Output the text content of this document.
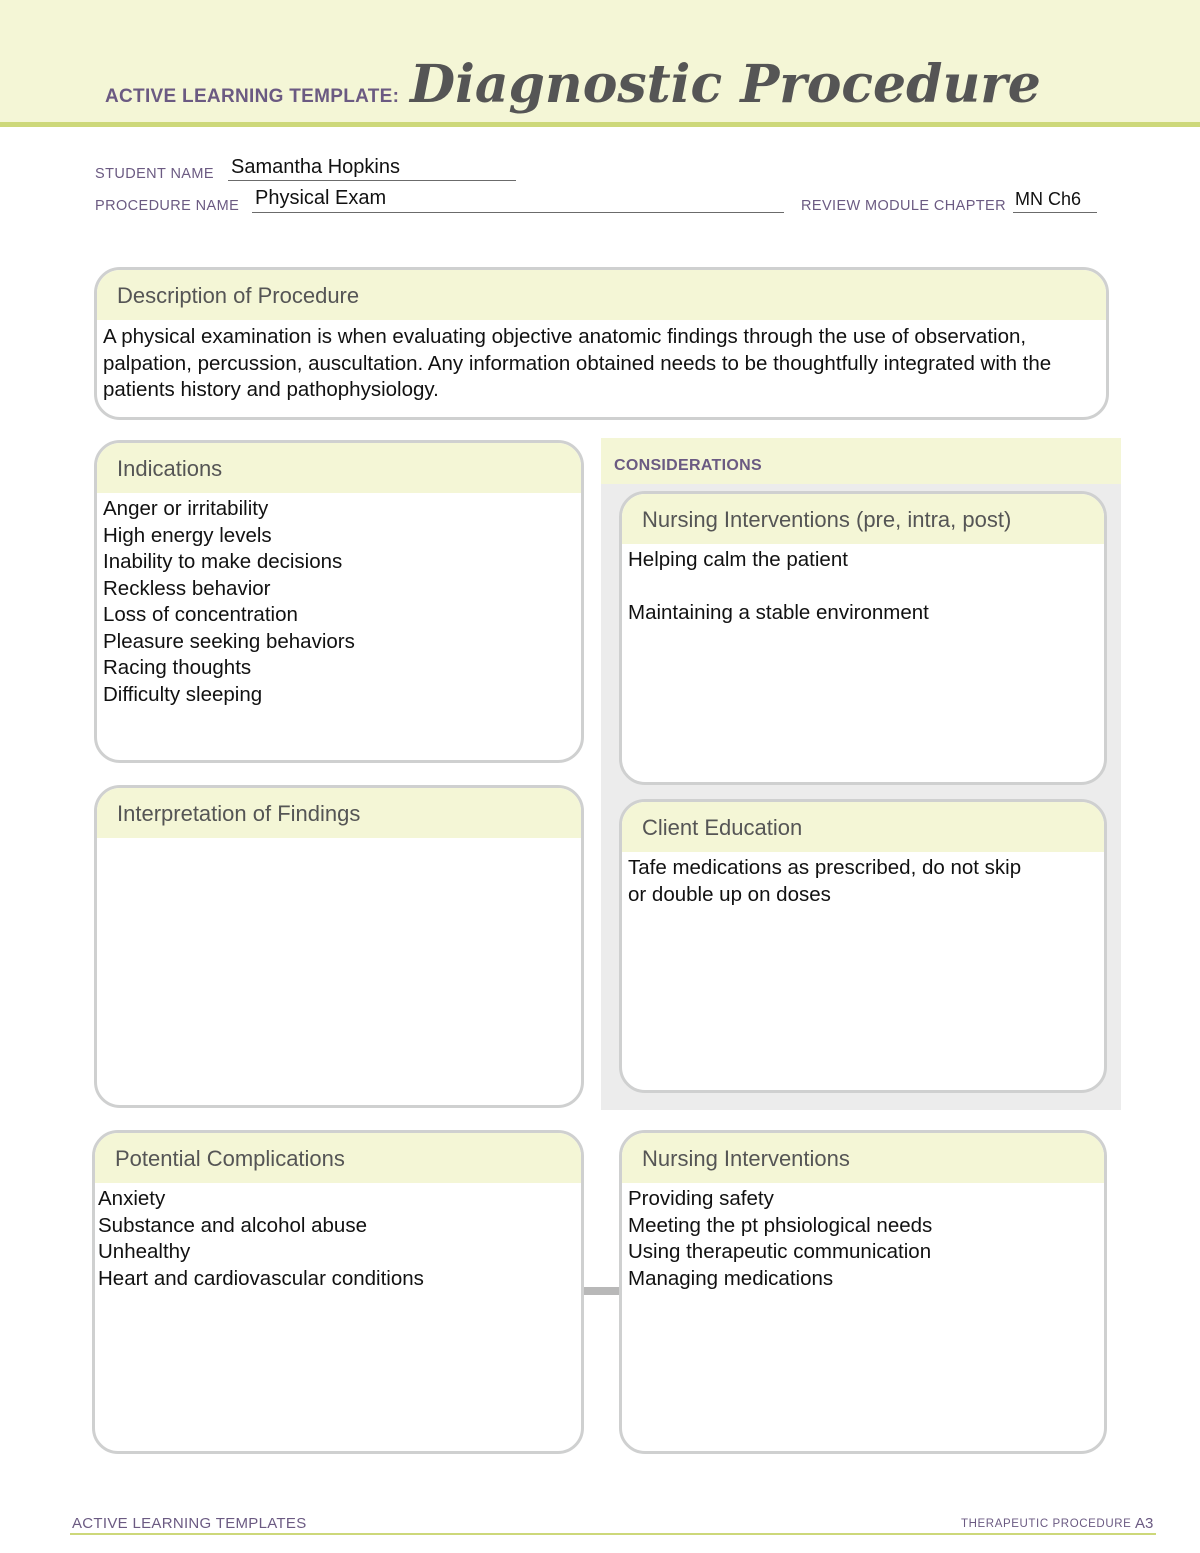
ACTIVE LEARNING TEMPLATE: Diagnostic Procedure
STUDENT NAME Samantha Hopkins
PROCEDURE NAME Physical Exam	REVIEW MODULE CHAPTER MN Ch6
Description of Procedure
A physical examination is when evaluating objective anatomic findings through the use of observation, palpation, percussion, auscultation. Any information obtained needs to be thoughtfully integrated with the patients history and pathophysiology.
CONSIDERATIONS
Indications
Anger or irritability
High energy levels
Inability to make decisions
Reckless behavior
Loss of concentration
Pleasure seeking behaviors
Racing thoughts
Difficulty sleeping
Nursing Interventions (pre, intra, post)
Helping calm the patient
Maintaining a stable environment
Interpretation of Findings
Client Education
Tafe medications as prescribed, do not skip
or double up on doses
Potential Complications
Anxiety
Substance and alcohol abuse
Unhealthy
Heart and cardiovascular conditions
Nursing Interventions
Providing safety
Meeting the pt phsiological needs
Using therapeutic communication
Managing medications
ACTIVE LEARNING TEMPLATES	THERAPEUTIC PROCEDURE A3
